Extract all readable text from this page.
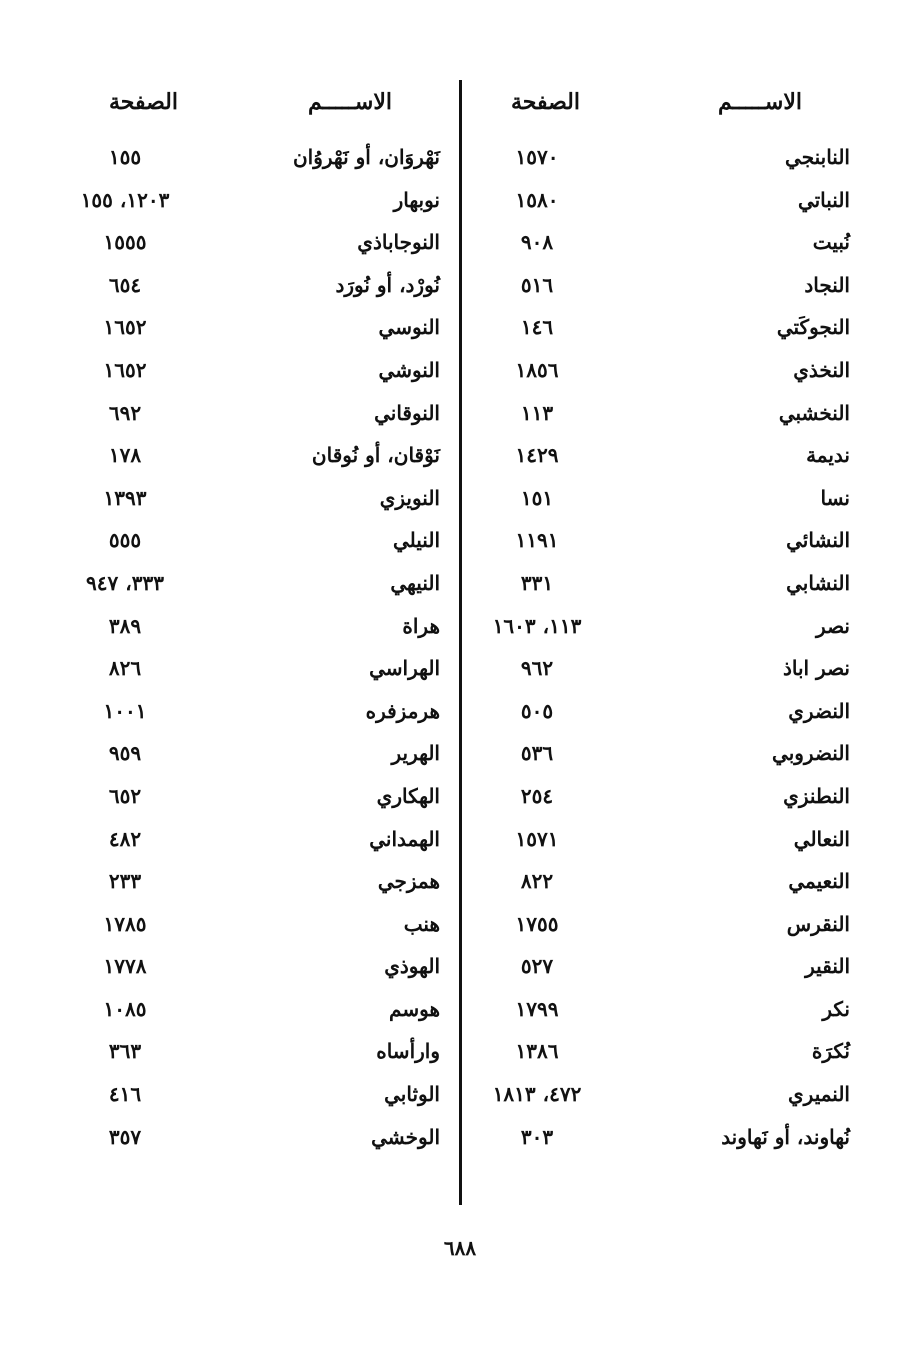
الاســـــم
الصفحة
النابنجي
١٥٧٠
النباتي
١٥٨٠
نُبيت
٩٠٨
النجاد
٥١٦
النجوكَتي
١٤٦
النخذي
١٨٥٦
النخشبي
١١٣
نديمة
١٤٢٩
نسا
١٥١
النشائي
١١٩١
النشابي
٣٣١
نصر
١١٣، ١٦٠٣
نصر اباذ
٩٦٢
النضري
٥٠٥
النضروبي
٥٣٦
النطنزي
٢٥٤
النعالي
١٥٧١
النعيمي
٨٢٢
النقرس
١٧٥٥
النقير
٥٢٧
نكر
١٧٩٩
نُكرَة
١٣٨٦
النميري
٤٧٢، ١٨١٣
نُهاوند، أو نَهاوند
٣٠٣
الاســـــم
الصفحة
نَهْروَان، أو نَهْروُان
١٥٥
نوبهار
١٢٠٣، ١٥٥
النوجاباذي
١٥٥٥
نُورْد، أو نُورَد
٦٥٤
النوسي
١٦٥٢
النوشي
١٦٥٢
النوقاني
٦٩٢
نَوْقان، أو نُوقان
١٧٨
النويزي
١٣٩٣
النيلي
٥٥٥
النيهي
٣٣٣، ٩٤٧
هراة
٣٨٩
الهراسي
٨٢٦
هرمزفره
١٠٠١
الهرير
٩٥٩
الهكاري
٦٥٢
الهمداني
٤٨٢
همزجي
٢٣٣
هنب
١٧٨٥
الهوذي
١٧٧٨
هوسم
١٠٨٥
وارأساه
٣٦٣
الوثابي
٤١٦
الوخشي
٣٥٧
٦٨٨
